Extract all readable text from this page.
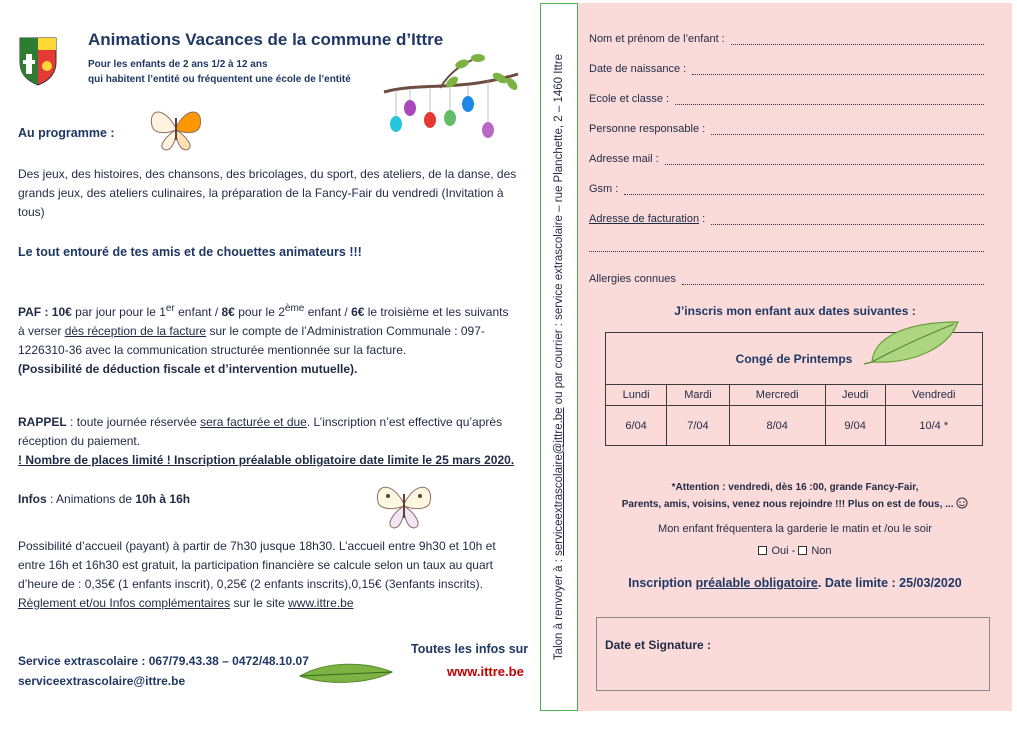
Animations Vacances de la commune d’Ittre
Pour les enfants de 2 ans 1/2 à 12 ans
qui habitent l’entité ou fréquentent une école de l’entité
Au programme :
Des jeux, des histoires, des chansons, des bricolages, du sport, des ateliers, de la danse, des grands jeux, des ateliers culinaires, la préparation de la Fancy-Fair du vendredi (Invitation à tous)
Le tout entouré de tes amis et de chouettes animateurs !!!
PAF : 10€ par jour pour le 1er enfant / 8€ pour le 2ème enfant / 6€ le troisième et les suivants à verser dès réception de la facture sur le compte de l’Administration Communale : 097-1226310-36 avec la communication structurée mentionnée sur la facture.
(Possibilité de déduction fiscale et d’intervention mutuelle).
RAPPEL : toute journée réservée sera facturée et due. L’inscription n’est effective qu’après réception du paiement.
! Nombre de places limité ! Inscription préalable obligatoire date limite le 25 mars 2020.
Infos : Animations de 10h à 16h
Possibilité d’accueil (payant) à partir de 7h30 jusque 18h30. L’accueil entre 9h30 et 10h et entre 16h et 16h30 est gratuit, la participation financière se calcule selon un taux au quart d’heure de : 0,35€ (1 enfants inscrit), 0,25€ (2 enfants inscrits),0,15€ (3enfants inscrits).
Règlement et/ou Infos complémentaires sur le site www.ittre.be
Service extrascolaire : 067/79.43.38 – 0472/48.10.07
serviceextrascolaire@ittre.be
Toutes les infos sur
www.ittre.be
Talon à renvoyer à : serviceextrascolaire@ittre.be ou par courrier : service extrascolaire – rue Planchette, 2 – 1460 Ittre
Nom et prénom de l’enfant :
Date de naissance :
Ecole et classe :
Personne responsable :
Adresse mail :
Gsm :
Adresse de facturation :
Allergies connues
J’inscris mon enfant aux dates suivantes :
Congé de Printemps				
Lundi	Mardi	Mercredi	Jeudi	Vendredi
6/04	7/04	8/04	9/04	10/4 *
*Attention : vendredi, dès 16 :00, grande Fancy-Fair,
Parents, amis, voisins, venez nous rejoindre !!! Plus on est de fous, ...
Mon enfant fréquentera la garderie le matin et /ou le soir
Oui - Non
Inscription préalable obligatoire. Date limite : 25/03/2020
Date et Signature :
